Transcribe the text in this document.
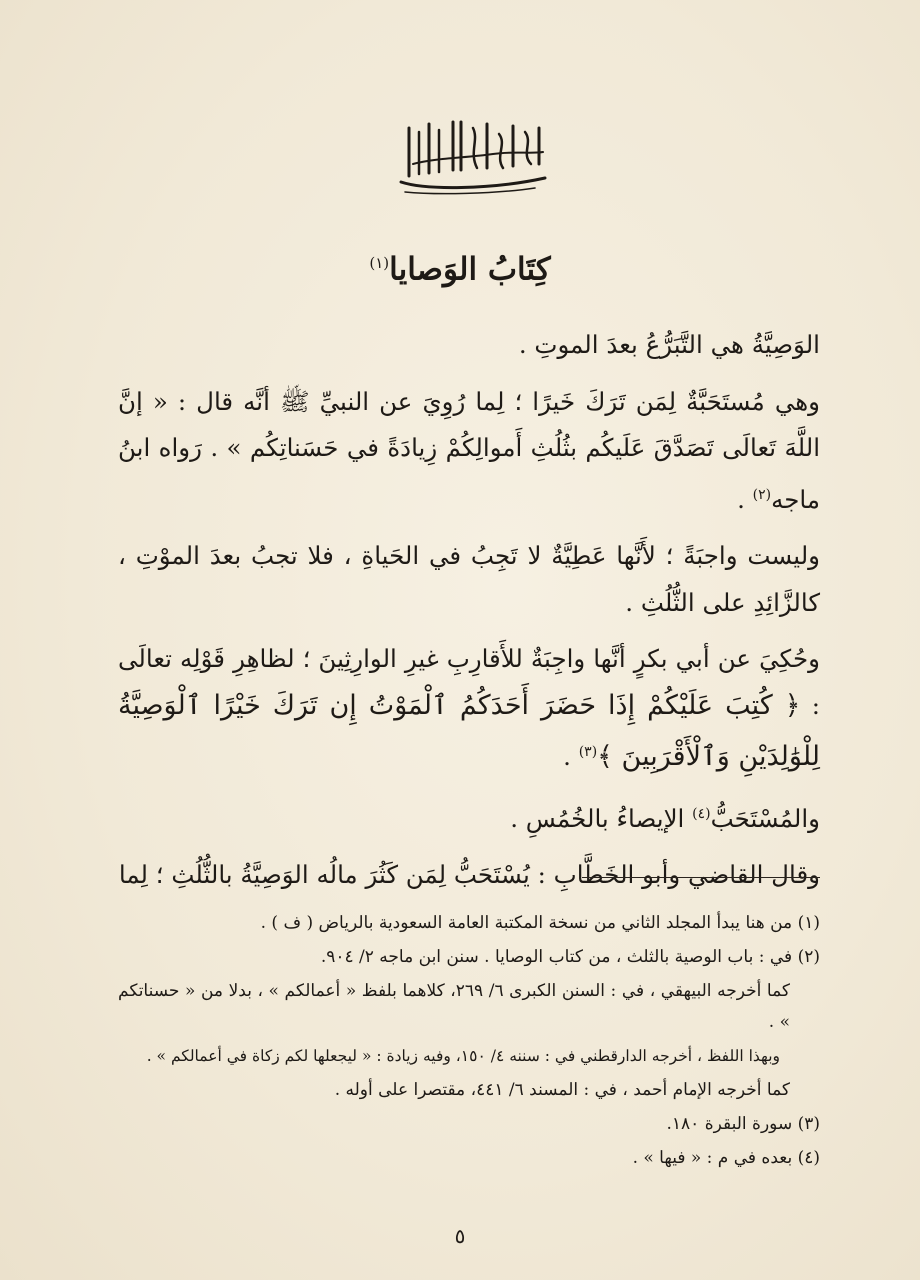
كِتَابُ الوَصايا$^{(١)}$

الوَصِيَّةُ هي التَّبَرُّعُ بعدَ الموتِ .

وهي مُستَحَبَّةٌ لِمَن تَرَكَ خَيرًا ؛ لِما رُوِيَ عن النبيِّ ﷺ أنَّه قال : « إنَّ اللَّهَ تَعالَى تَصَدَّقَ عَلَيكُم بثُلُثِ أَموالِكُمْ زِيادَةً في حَسَناتِكُم » . رَواه ابنُ ماجه$^{(٢)}$ .

وليست واجبَةً ؛ لأَنَّها عَطِيَّةٌ لا تَجِبُ في الحَياةِ ، فلا تجبُ بعدَ الموْتِ ، كالزَّائِدِ على الثُّلُثِ .

وحُكِيَ عن أبي بكرٍ أنَّها واجِبَةٌ للأَقارِبِ غيرِ الوارِثِينَ ؛ لظاهِرِ قَوْلِه تعالَى : ﴿ كُتِبَ عَلَيْكُمْ إِذَا حَضَرَ أَحَدَكُمُ ٱلْمَوْتُ إِن تَرَكَ خَيْرًا ٱلْوَصِيَّةُ لِلْوَٰلِدَيْنِ وَٱلْأَقْرَبِينَ ﴾$^{(٣)}$ .

والمُسْتَحَبُّ$^{(٤)}$ الإيصاءُ بالخُمُسِ .

وقال القاضي وأبو الخَطَّابِ : يُسْتَحَبُّ لِمَن كَثُرَ مالُه الوَصِيَّةُ بالثُّلُثِ ؛ لِما

(١) من هنا يبدأ المجلد الثاني من نسخة المكتبة العامة السعودية بالرياض ( ف ) .

(٢) في : باب الوصية بالثلث ، من كتاب الوصايا . سنن ابن ماجه ٢/ ٩٠٤.

كما أخرجه البيهقي ، في : السنن الكبرى ٦/ ٢٦٩، كلاهما بلفظ « أعمالكم » ، بدلا من « حسناتكم » .

وبهذا اللفظ ، أخرجه الدارقطني في : سننه ٤/ ١٥٠، وفيه زيادة : « ليجعلها لكم زكاة في أعمالكم » .

كما أخرجه الإمام أحمد ، في : المسند ٦/ ٤٤١، مقتصرا على أوله .

(٣) سورة البقرة ١٨٠.

(٤) بعده في م : « فيها » .

٥
